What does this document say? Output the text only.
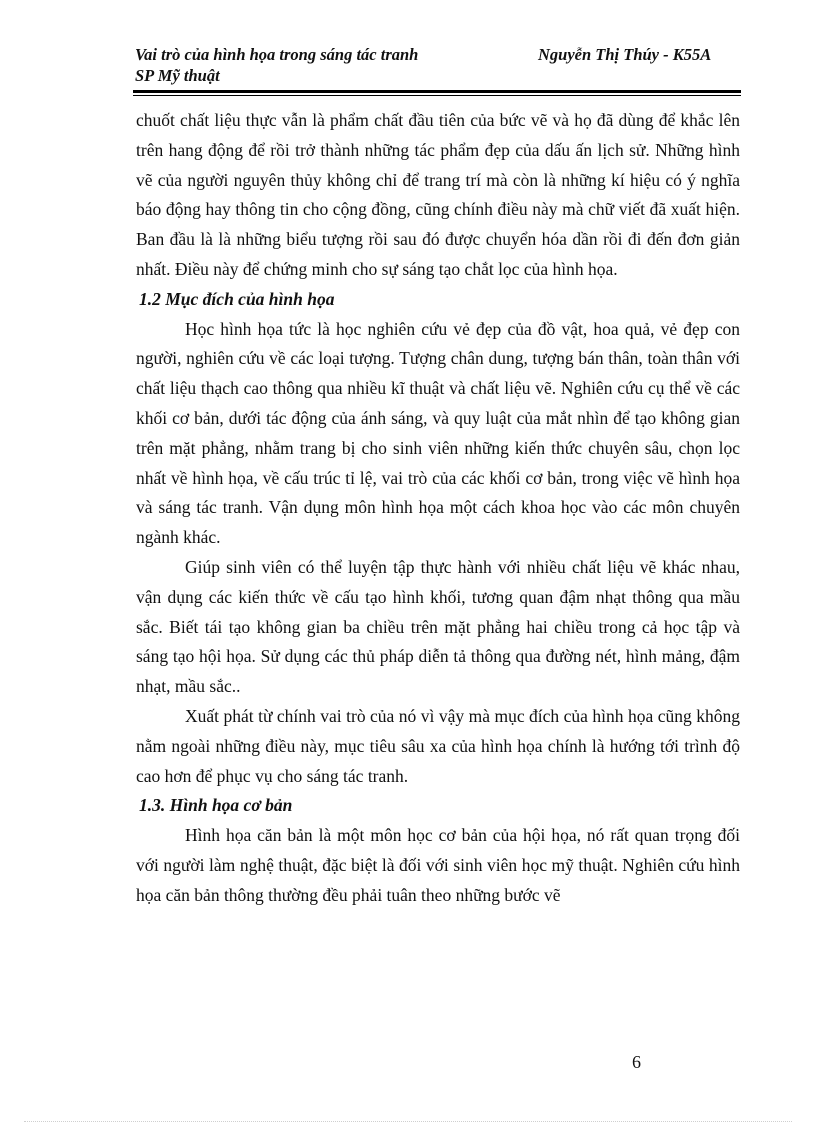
Vai trò của hình họa trong sáng tác tranh
SP Mỹ thuật
Nguyễn Thị Thúy - K55A

chuốt chất liệu thực vẫn là phẩm chất đầu tiên của bức vẽ và họ đã dùng để khắc lên trên hang động để rồi trở thành những tác phẩm đẹp của dấu ấn lịch sử. Những hình vẽ của người nguyên thủy không chỉ để trang trí mà còn là những kí hiệu có ý nghĩa báo động hay thông tin cho cộng đồng, cũng chính điều này mà chữ viết đã xuất hiện. Ban đầu là là những biểu tượng rồi sau đó được chuyển hóa dần rồi đi đến đơn giản nhất. Điều này để chứng minh cho sự sáng tạo chắt lọc của hình họa.

1.2 Mục đích của hình họa

Học hình họa tức là học nghiên cứu vẻ đẹp của đồ vật, hoa quả, vẻ đẹp con người, nghiên cứu về các loại tượng. Tượng chân dung, tượng bán thân, toàn thân với chất liệu thạch cao thông qua nhiều kĩ thuật và chất liệu vẽ. Nghiên cứu cụ thể về các khối cơ bản, dưới tác động của ánh sáng, và quy luật của mắt nhìn để tạo không gian trên mặt phẳng, nhằm trang bị cho sinh viên những kiến thức chuyên sâu, chọn lọc nhất về hình họa, về cấu trúc tỉ lệ, vai trò của các khối cơ bản, trong việc vẽ hình họa và sáng tác tranh. Vận dụng môn hình họa một cách khoa học vào các môn chuyên ngành khác.

Giúp sinh viên có thể luyện tập thực hành với nhiều chất liệu vẽ khác nhau, vận dụng các kiến thức về cấu tạo hình khối, tương quan đậm nhạt thông qua mầu sắc. Biết tái tạo không gian ba chiều trên mặt phẳng hai chiều trong cả học tập và sáng tạo hội họa. Sử dụng các thủ pháp diễn tả thông qua đường nét, hình mảng, đậm nhạt, mầu sắc..

Xuất phát từ chính vai trò của nó vì vậy mà mục đích của hình họa cũng không nằm ngoài những điều này, mục tiêu sâu xa của hình họa chính là hướng tới trình độ cao hơn để phục vụ cho sáng tác tranh.

1.3. Hình họa cơ bản

Hình họa căn bản là một môn học cơ bản của hội họa, nó rất quan trọng đối với người làm nghệ thuật, đặc biệt là đối với sinh viên học mỹ thuật. Nghiên cứu hình họa căn bản thông thường đều phải tuân theo những bước vẽ

6
